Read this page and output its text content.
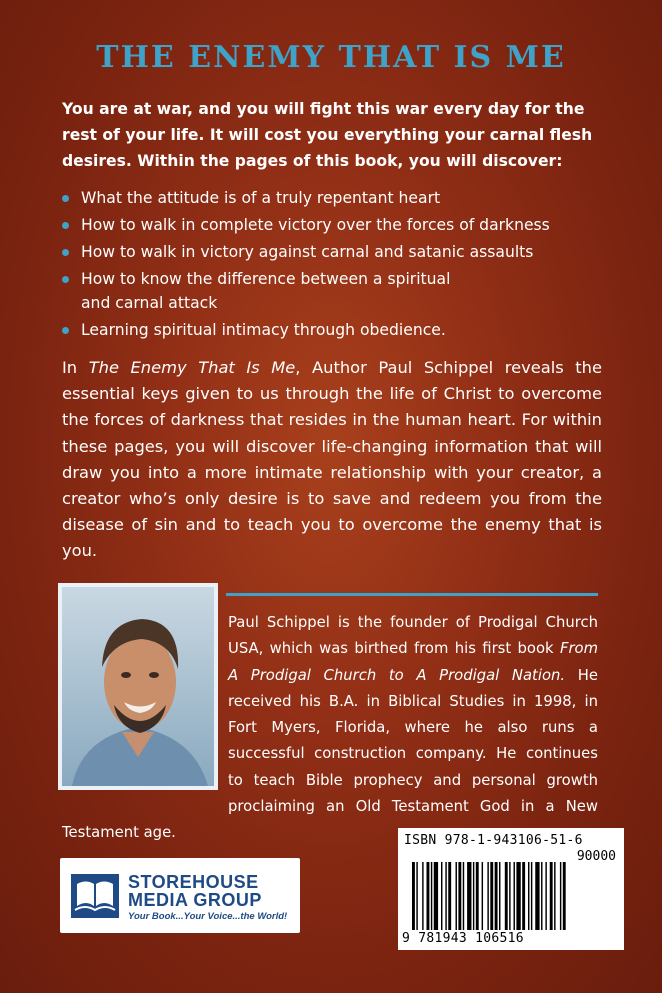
THE ENEMY THAT IS ME

You are at war, and you will fight this war every day for the rest of your life. It will cost you everything your carnal flesh desires. Within the pages of this book, you will discover:

What the attitude is of a truly repentant heart
How to walk in complete victory over the forces of darkness
How to walk in victory against carnal and satanic assaults
How to know the difference between a spiritual and carnal attack
Learning spiritual intimacy through obedience.

In The Enemy That Is Me, Author Paul Schippel reveals the essential keys given to us through the life of Christ to overcome the forces of darkness that resides in the human heart. For within these pages, you will discover life-changing information that will draw you into a more intimate relationship with your creator, a creator who’s only desire is to save and redeem you from the disease of sin and to teach you to overcome the enemy that is you.

Paul Schippel is the founder of Prodigal Church USA, which was birthed from his first book From A Prodigal Church to A Prodigal Nation. He received his B.A. in Biblical Studies in 1998, in Fort Myers, Florida, where he also runs a successful construction company. He continues to teach Bible prophecy and personal growth proclaiming an Old Testament God in a New Testament age.

STOREHOUSE
MEDIA GROUP
Your Book...Your Voice...the World!
ISBN 978-1-943106-51-6
90000
9 781943 106516
